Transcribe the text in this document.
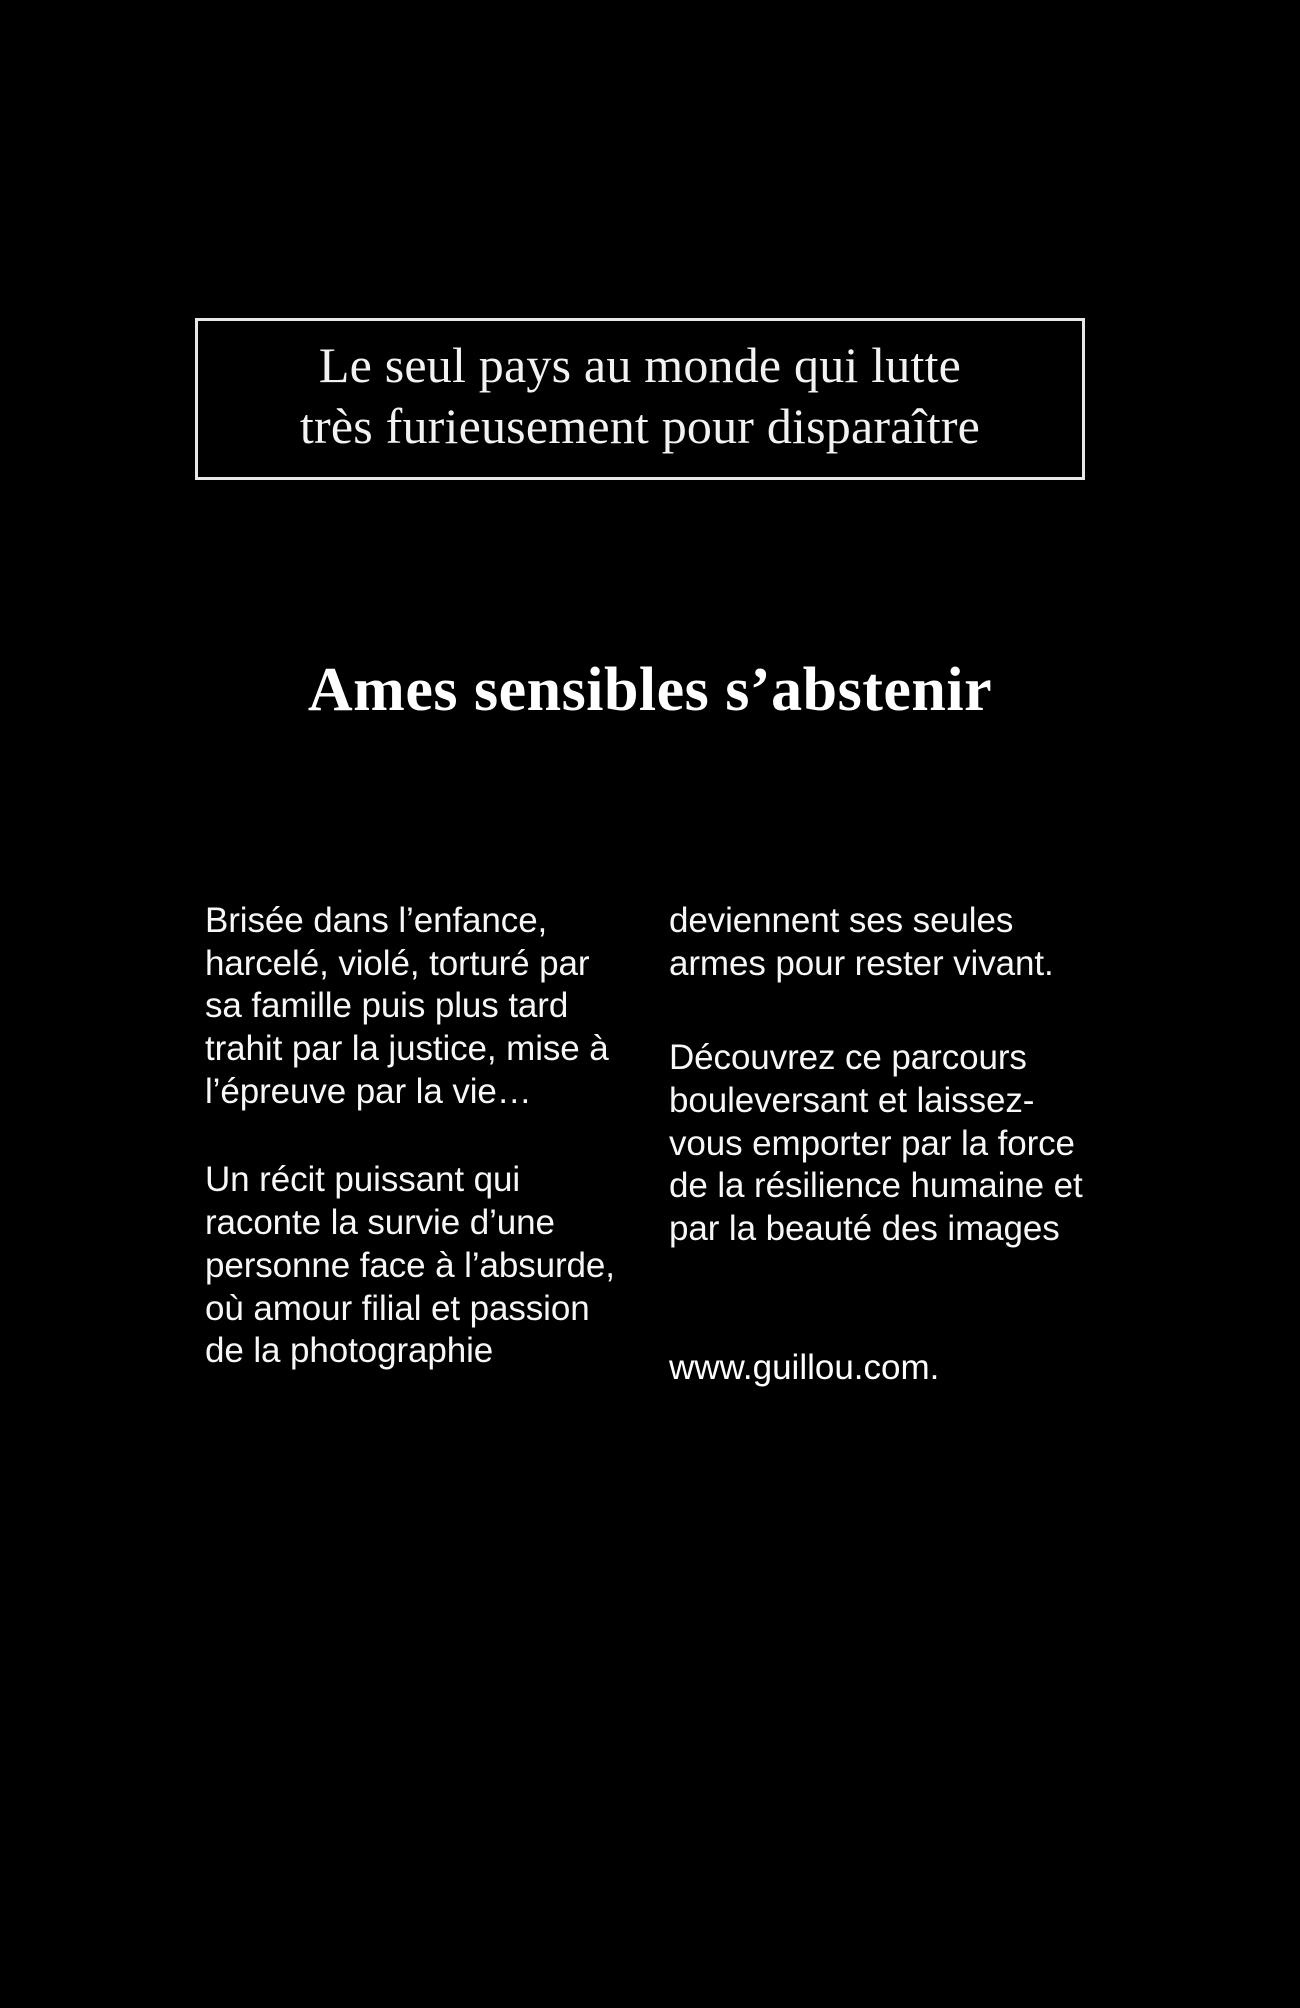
Le seul pays au monde qui lutte
très furieusement pour disparaître
Ames sensibles s’abstenir

Brisée dans l’enfance, harcelé, violé, torturé par sa famille puis plus tard trahit par la justice, mise à l’épreuve par la vie…

Un récit puissant qui raconte la survie d’une personne face à l’absurde, où amour filial et passion de la photographie

deviennent ses seules armes pour rester vivant.

Découvrez ce parcours bouleversant et laissez-vous emporter par la force de la résilience humaine et par la beauté des images

www.guillou.com.
